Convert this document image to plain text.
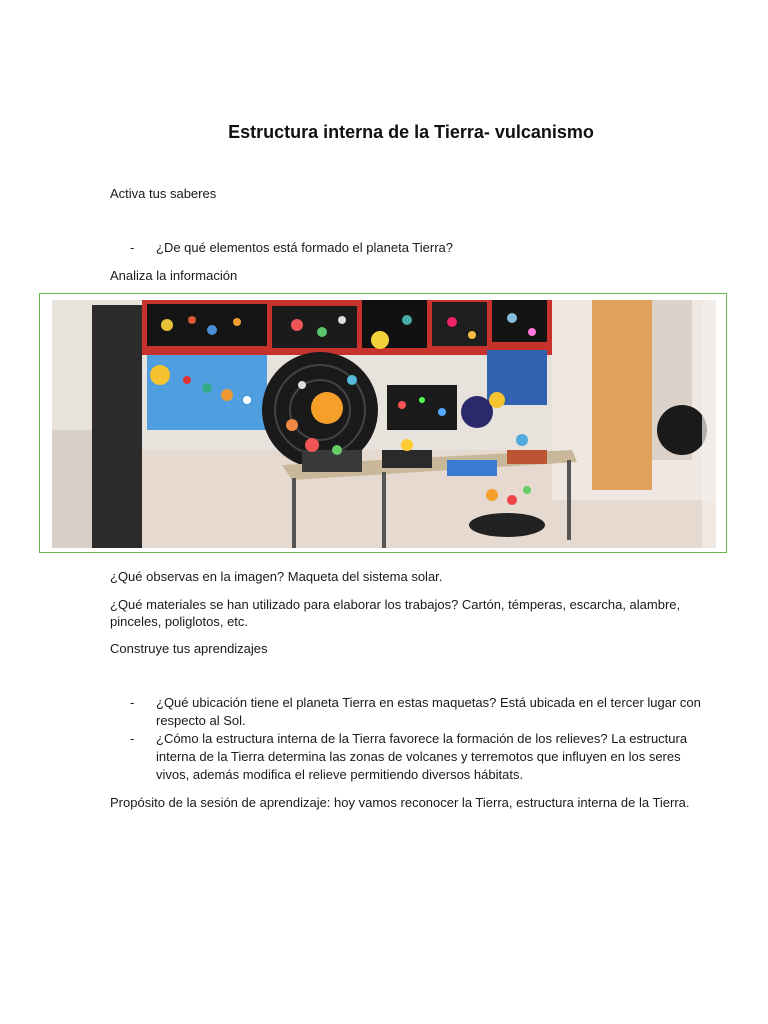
Estructura interna de la Tierra- vulcanismo
Activa tus saberes
- ¿De qué elementos está formado el planeta Tierra?
Analiza la información
¿Qué observas en la imagen? Maqueta del sistema solar.
¿Qué materiales se han utilizado para elaborar los trabajos? Cartón, témperas, escarcha, alambre, pinceles, poliglotos, etc.
Construye tus aprendizajes
- ¿Qué ubicación tiene el planeta Tierra en estas maquetas? Está ubicada en el tercer lugar con respecto al Sol.
- ¿Cómo la estructura interna de la Tierra favorece la formación de los relieves? La estructura interna de la Tierra determina las zonas de volcanes y terremotos que influyen en los seres vivos, además modifica el relieve permitiendo diversos hábitats.
Propósito de la sesión de aprendizaje: hoy vamos reconocer la Tierra, estructura interna de la Tierra.
